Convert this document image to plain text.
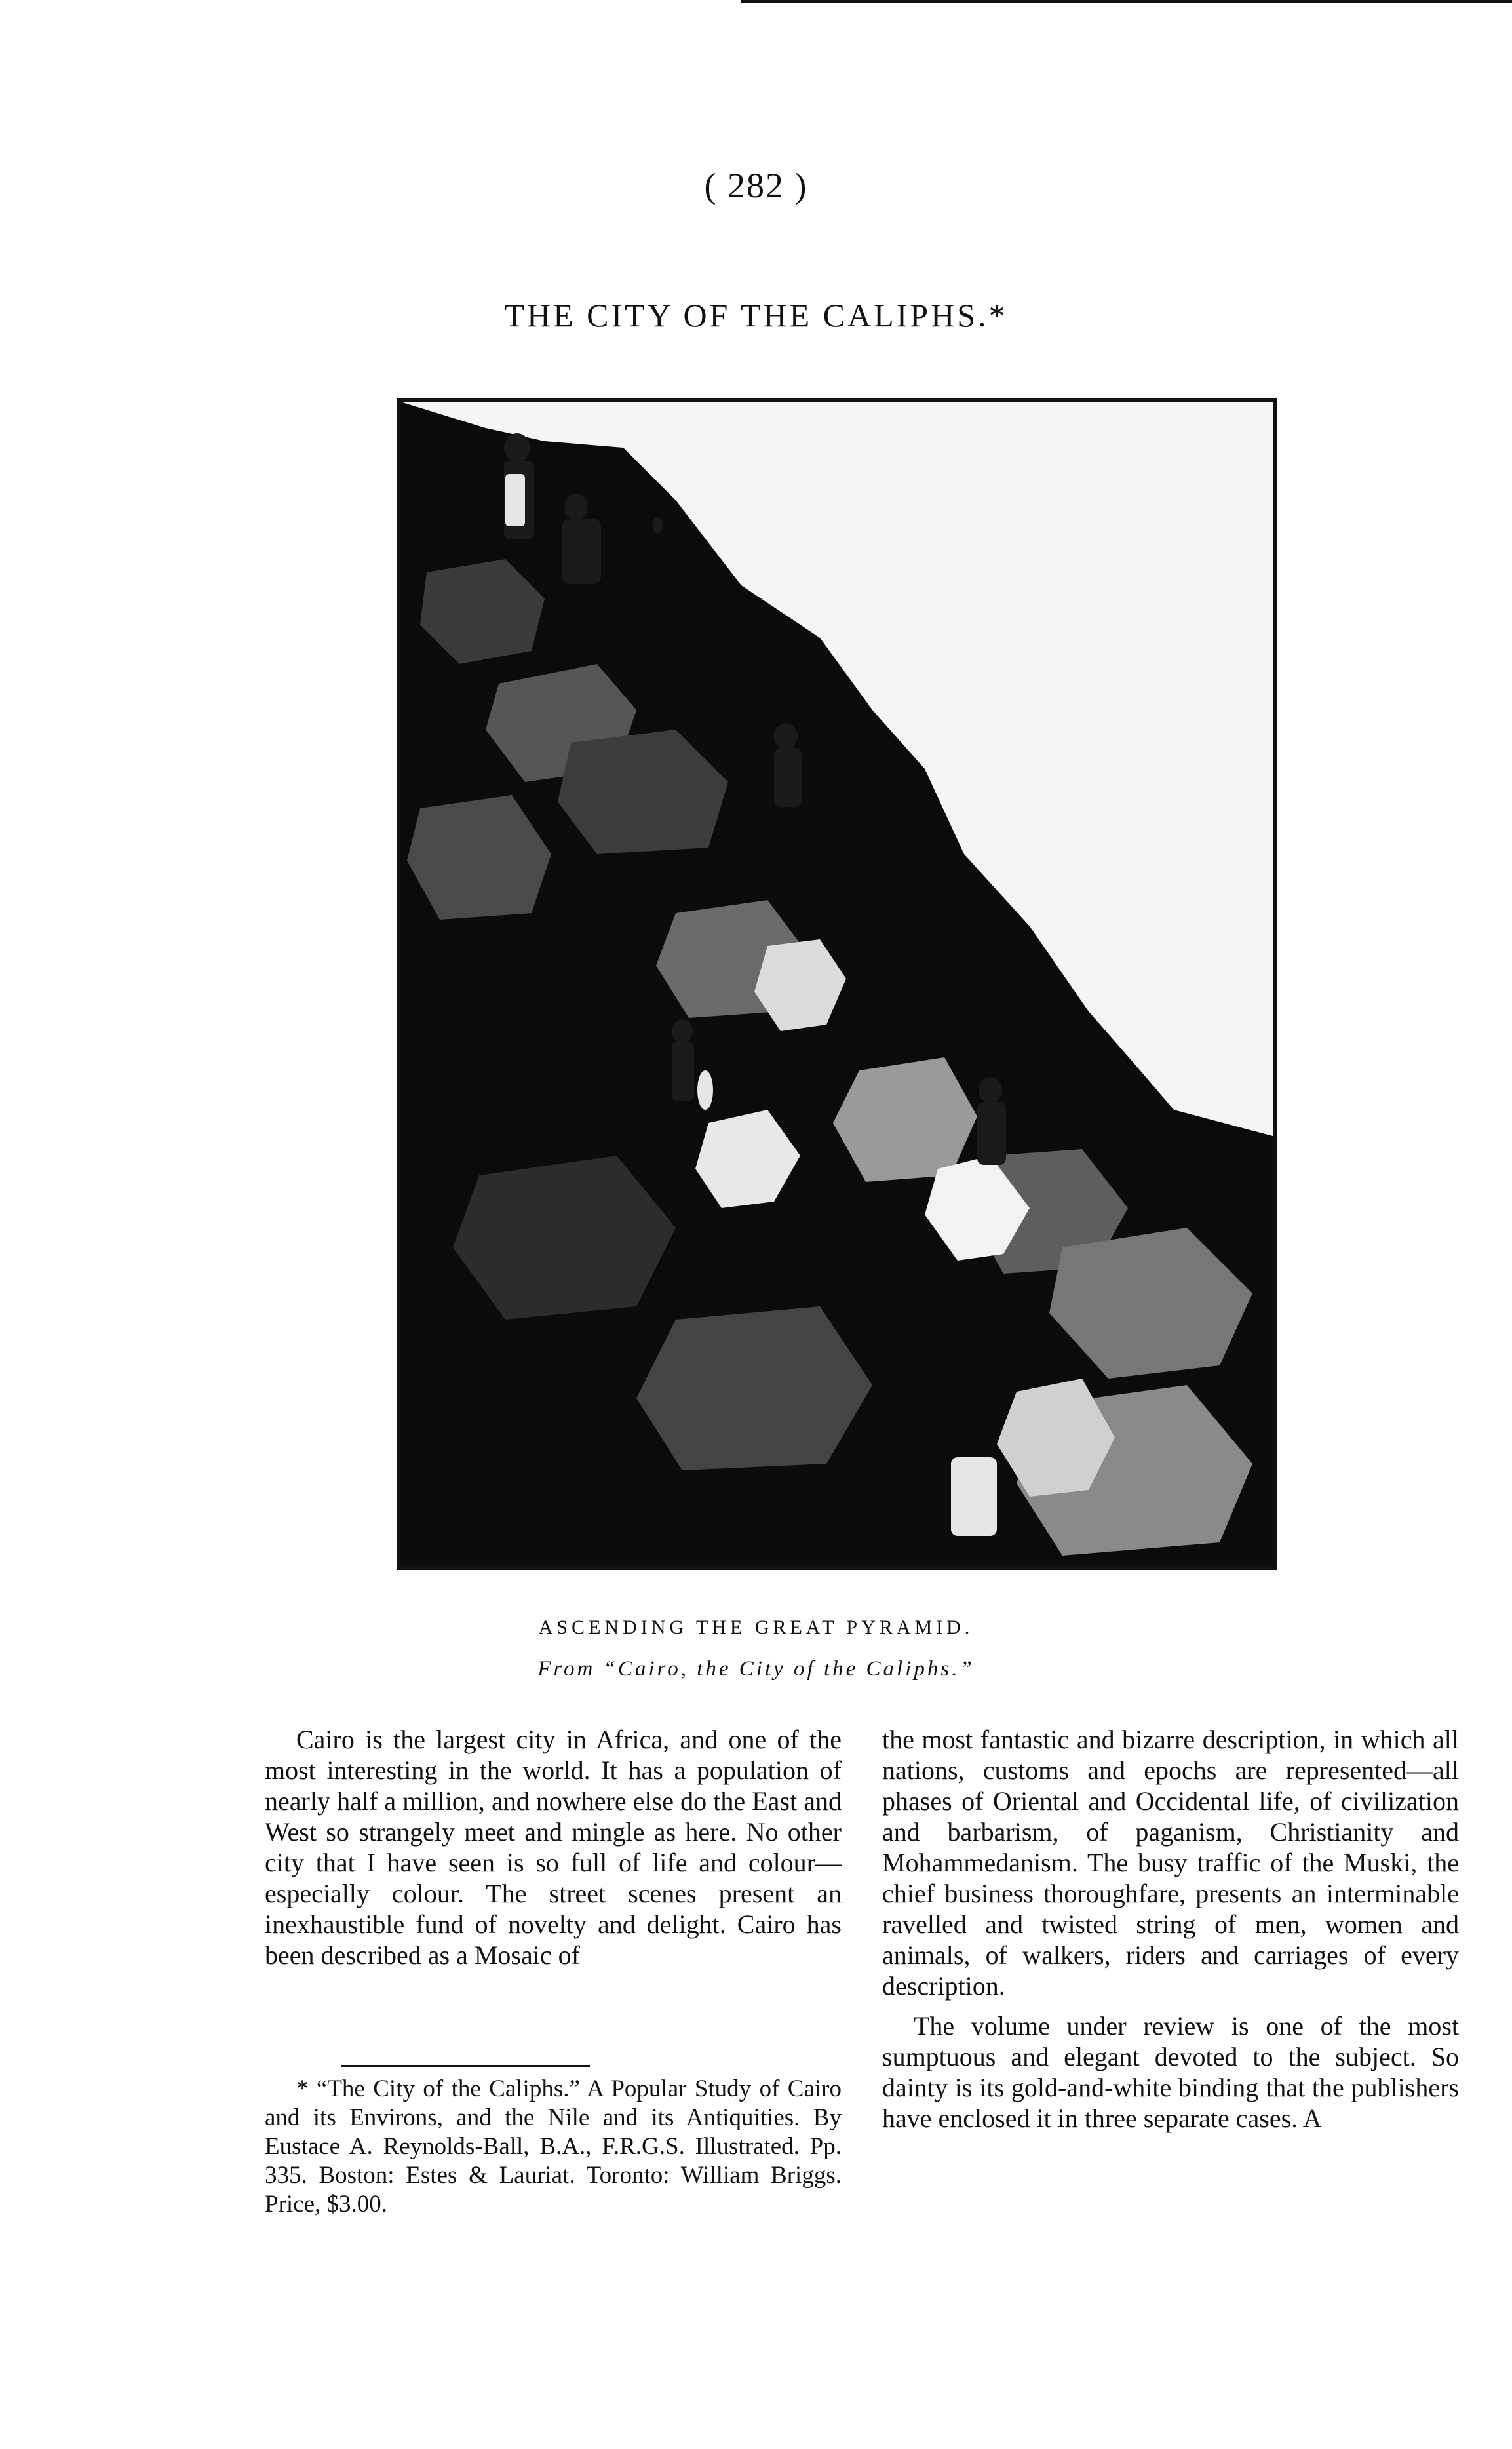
( 282 )
THE CITY OF THE CALIPHS.*
ASCENDING THE GREAT PYRAMID.
From “Cairo, the City of the Caliphs.”

Cairo is the largest city in Africa, and one of the most interesting in the world. It has a population of nearly half a million, and nowhere else do the East and West so strangely meet and mingle as here. No other city that I have seen is so full of life and colour—especially colour. The street scenes present an inexhaustible fund of novelty and delight. Cairo has been described as a Mosaic of

* “The City of the Caliphs.” A Popular Study of Cairo and its Environs, and the Nile and its Antiquities. By Eustace A. Reynolds-Ball, B.A., F.R.G.S. Illustrated. Pp. 335. Boston: Estes & Lauriat. Toronto: William Briggs. Price, $3.00.

the most fantastic and bizarre description, in which all nations, customs and epochs are represented—all phases of Oriental and Occidental life, of civilization and barbarism, of paganism, Christianity and Mohammedanism. The busy traffic of the Muski, the chief business thoroughfare, presents an interminable ravelled and twisted string of men, women and animals, of walkers, riders and carriages of every description.

The volume under review is one of the most sumptuous and elegant devoted to the subject. So dainty is its gold-and-white binding that the publishers have enclosed it in three separate cases. A
